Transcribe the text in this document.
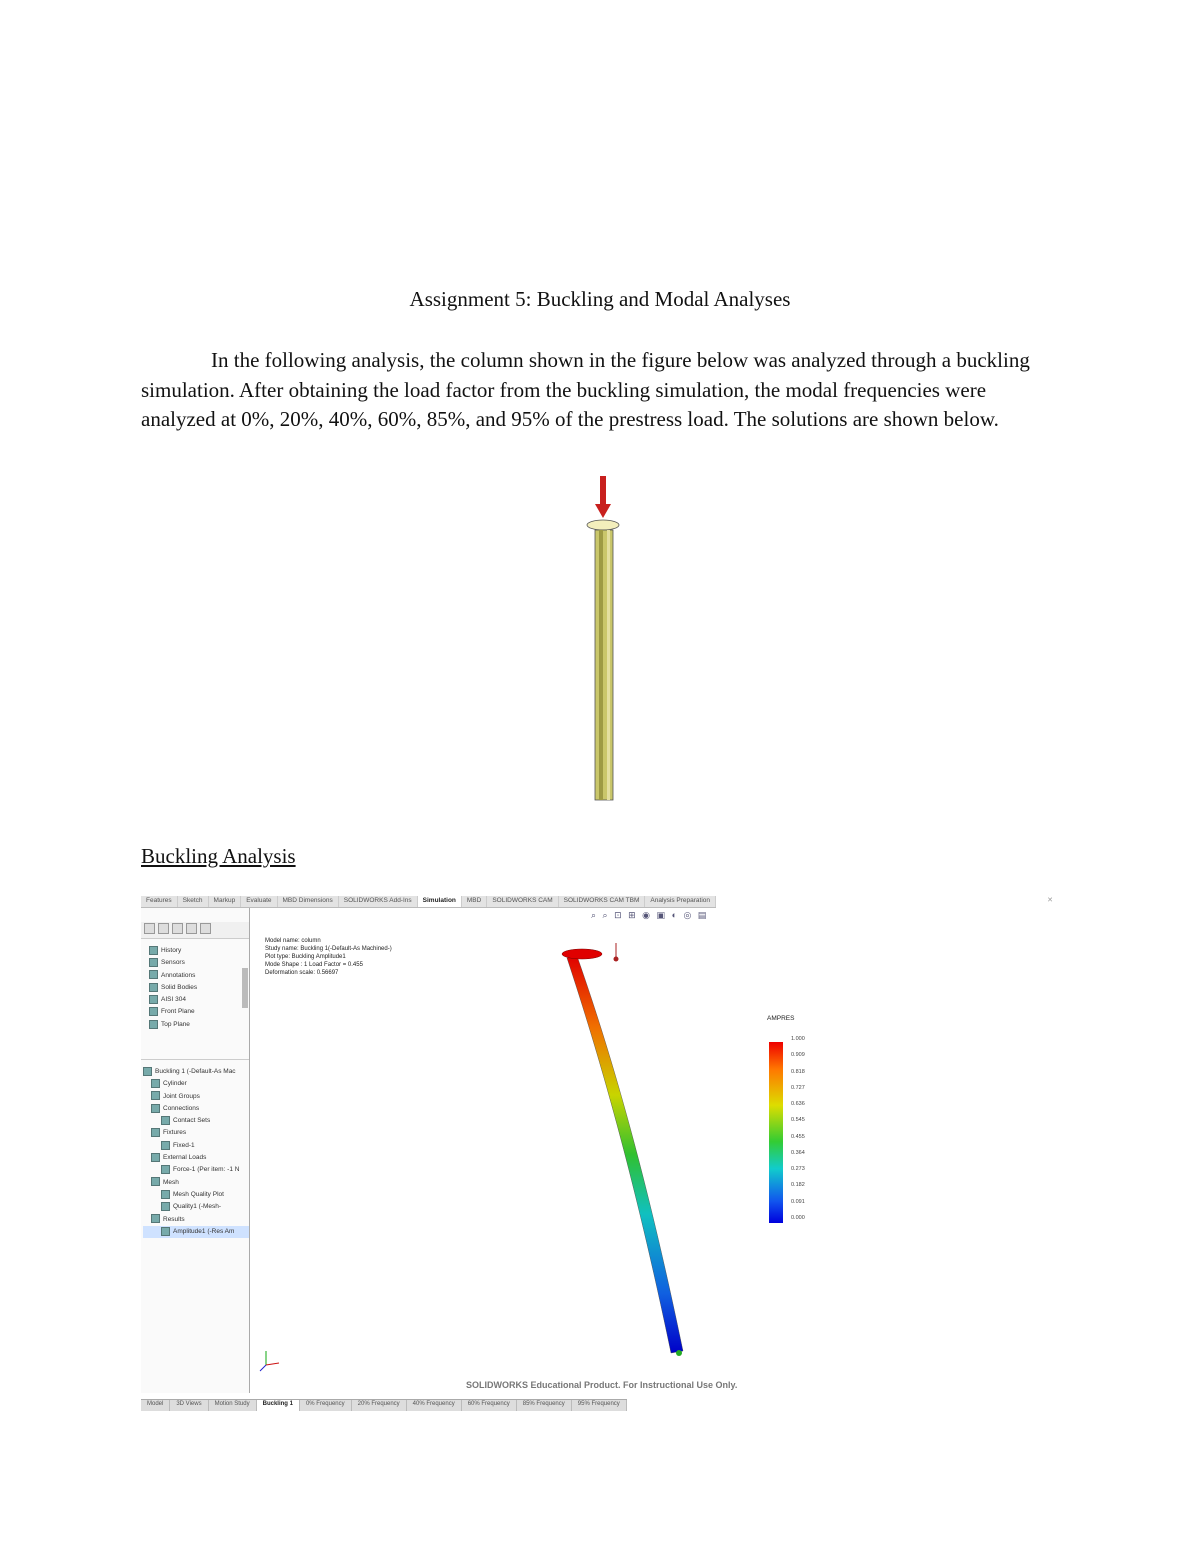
Assignment 5: Buckling and Modal Analyses
In the following analysis, the column shown in the figure below was analyzed through a buckling simulation. After obtaining the load factor from the buckling simulation, the modal frequencies were analyzed at 0%, 20%, 40%, 60%, 85%, and 95% of the prestress load. The solutions are shown below.
Buckling Analysis
Features	Sketch	Markup	Evaluate	MBD Dimensions	SOLIDWORKS Add-Ins	Simulation	MBD	SOLIDWORKS CAM	SOLIDWORKS CAM TBM	Analysis Preparation	✕
History
Sensors
Annotations
Solid Bodies
AISI 304
Front Plane
Top Plane
Buckling 1 (-Default-As Mac
Cylinder
Joint Groups
Connections
Contact Sets
Fixtures
Fixed-1
External Loads
Force-1 (Per item: -1 N
Mesh
Mesh Quality Plot
Quality1 (-Mesh-
Results
Amplitude1 (-Res Am
⌕ ⌕ ⊡ ⊞ ◉ ▣ ◐ ◎ ▤
Model name: column
Study name: Buckling 1(-Default-As Machined-)
Plot type: Buckling Amplitude1
Mode Shape : 1 Load Factor = 0.455
Deformation scale: 0.56697
AMPRES
1.000
0.909
0.818
0.727
0.636
0.545
0.455
0.364
0.273
0.182
0.091
0.000
SOLIDWORKS Educational Product. For Instructional Use Only.
Model	3D Views	Motion Study	Buckling 1	0% Frequency	20% Frequency	40% Frequency	60% Frequency	85% Frequency	95% Frequency
